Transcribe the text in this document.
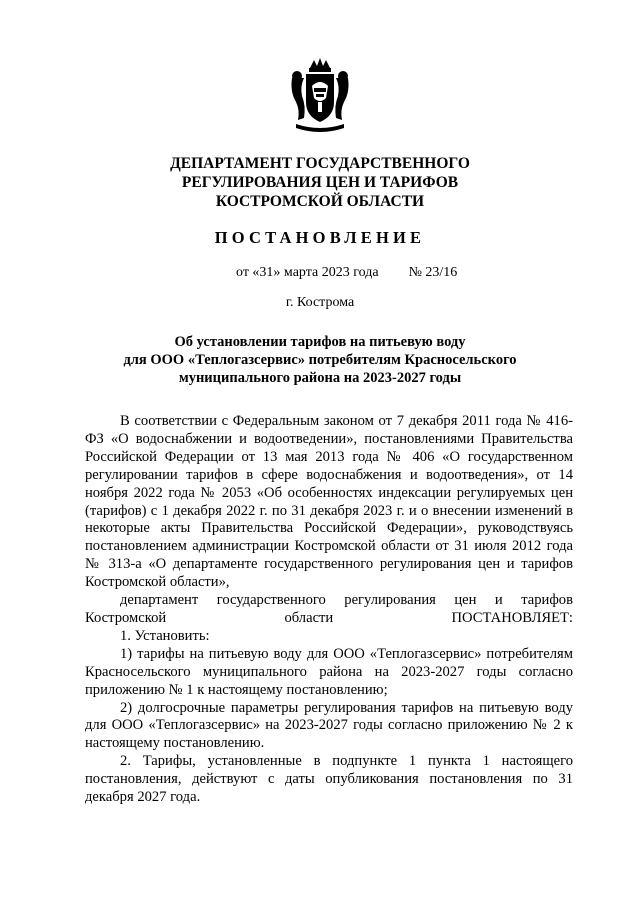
ДЕПАРТАМЕНТ ГОСУДАРСТВЕННОГО
РЕГУЛИРОВАНИЯ ЦЕН И ТАРИФОВ
КОСТРОМСКОЙ ОБЛАСТИ
ПОСТАНОВЛЕНИЕ
от «31» марта 2023 года № 23/16
г. Кострома
Об установлении тарифов на питьевую воду
для ООО «Теплогазсервис» потребителям Красносельского
муниципального района на 2023-2027 годы

В соответствии с Федеральным законом от 7 декабря 2011 года № 416-ФЗ «О водоснабжении и водоотведении», постановлениями Правительства Российской Федерации от 13 мая 2013 года № 406 «О государственном регулировании тарифов в сфере водоснабжения и водоотведения», от 14 ноября 2022 года № 2053 «Об особенностях индексации регулируемых цен (тарифов) с 1 декабря 2022 г. по 31 декабря 2023 г. и о внесении изменений в некоторые акты Правительства Российской Федерации», руководствуясь постановлением администрации Костромской области от 31 июля 2012 года № 313-а «О департаменте государственного регулирования цен и тарифов Костромской области»,

департамент государственного регулирования цен и тарифов Костромской области ПОСТАНОВЛЯЕТ:

1. Установить:

1) тарифы на питьевую воду для ООО «Теплогазсервис» потребителям Красносельского муниципального района на 2023-2027 годы согласно приложению № 1 к настоящему постановлению;

2) долгосрочные параметры регулирования тарифов на питьевую воду для ООО «Теплогазсервис» на 2023-2027 годы согласно приложению № 2 к настоящему постановлению.

2. Тарифы, установленные в подпункте 1 пункта 1 настоящего постановления, действуют с даты опубликования постановления по 31 декабря 2027 года.
